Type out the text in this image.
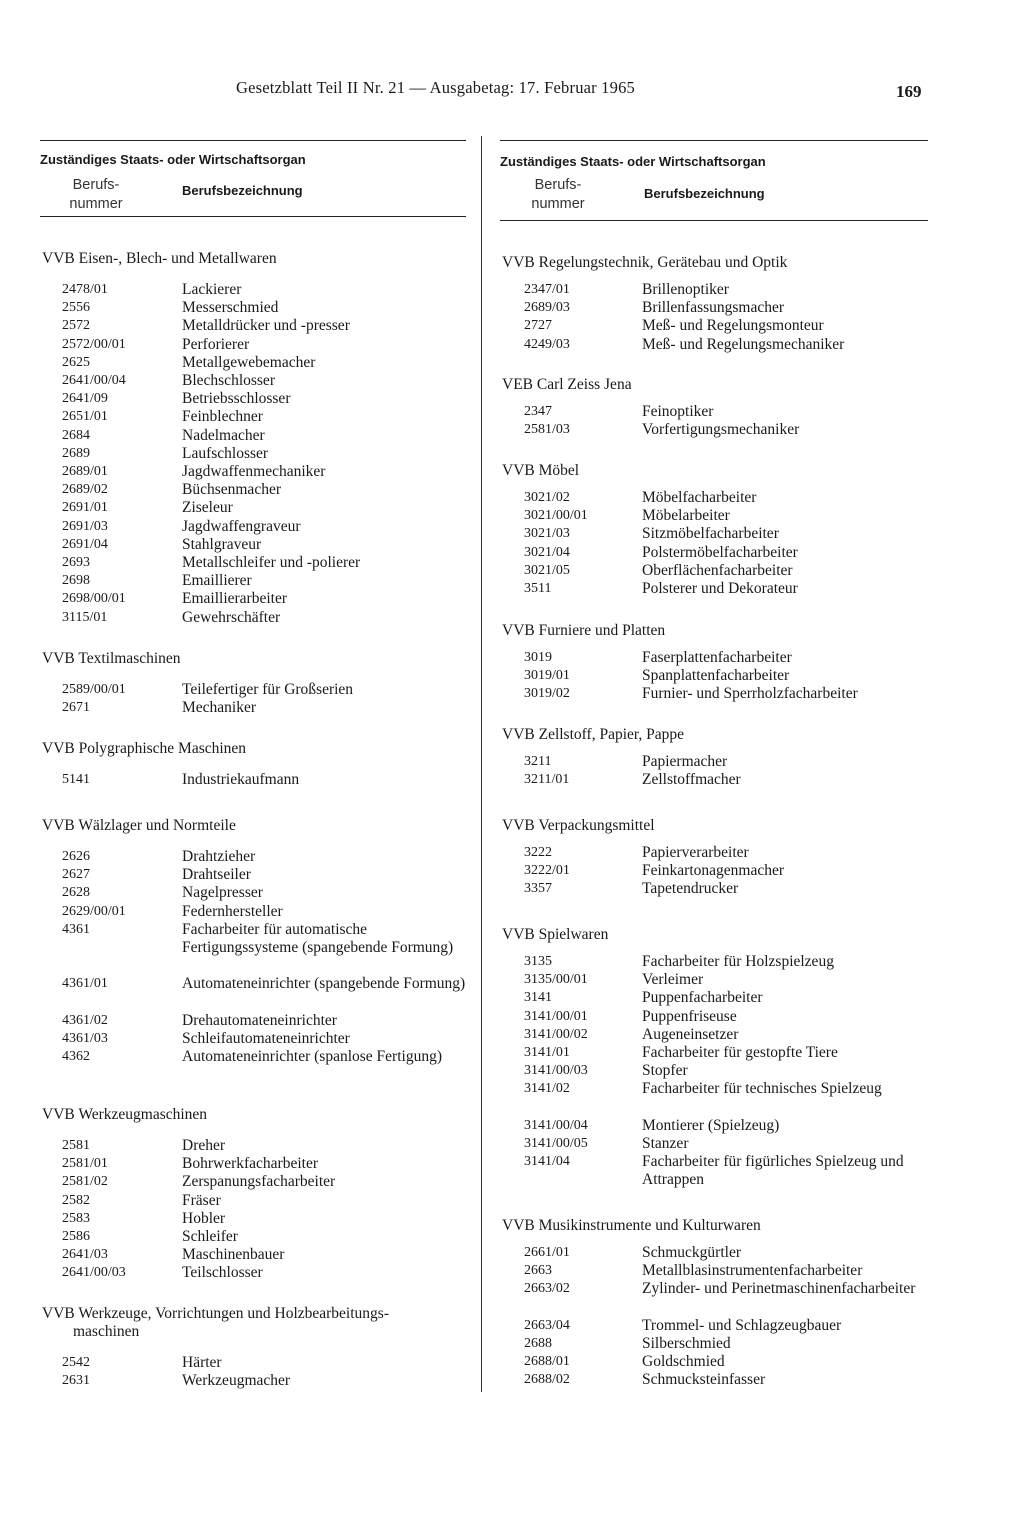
Gesetzblatt Teil II Nr. 21 — Ausgabetag: 17. Februar 1965	169
Zuständiges Staats- oder Wirtschaftsorgan
Berufs-
nummer
Berufsbezeichnung
VVB Eisen-, Blech- und Metallwaren
2478/01	Lackierer
2556	Messerschmied
2572	Metalldrücker und -presser
2572/00/01	Perforierer
2625	Metallgewebemacher
2641/00/04	Blechschlosser
2641/09	Betriebsschlosser
2651/01	Feinblechner
2684	Nadelmacher
2689	Laufschlosser
2689/01	Jagdwaffenmechaniker
2689/02	Büchsenmacher
2691/01	Ziseleur
2691/03	Jagdwaffengraveur
2691/04	Stahlgraveur
2693	Metallschleifer und -polierer
2698	Emaillierer
2698/00/01	Emaillierarbeiter
3115/01	Gewehrschäfter
VVB Textilmaschinen
2589/00/01	Teilefertiger für Großserien
2671	Mechaniker
VVB Polygraphische Maschinen
5141	Industriekaufmann
VVB Wälzlager und Normteile
2626	Drahtzieher
2627	Drahtseiler
2628	Nagelpresser
2629/00/01	Federnhersteller
4361	Facharbeiter für automatische Fertigungssysteme (spangebende Formung)
4361/01	Automateneinrichter (spangebende Formung)
4361/02	Drehautomateneinrichter
4361/03	Schleifautomateneinrichter
4362	Automateneinrichter (spanlose Fertigung)
VVB Werkzeugmaschinen
2581	Dreher
2581/01	Bohrwerkfacharbeiter
2581/02	Zerspanungsfacharbeiter
2582	Fräser
2583	Hobler
2586	Schleifer
2641/03	Maschinenbauer
2641/00/03	Teilschlosser
VVB Werkzeuge, Vorrichtungen und Holzbearbeitungs-        maschinen
2542	Härter
2631	Werkzeugmacher
Zuständiges Staats- oder Wirtschaftsorgan
Berufs-
nummer
Berufsbezeichnung
VVB Regelungstechnik, Gerätebau und Optik
2347/01	Brillenoptiker
2689/03	Brillenfassungsmacher
2727	Meß- und Regelungsmonteur
4249/03	Meß- und Regelungsmechaniker
VEB Carl Zeiss Jena
2347	Feinoptiker
2581/03	Vorfertigungsmechaniker
VVB Möbel
3021/02	Möbelfacharbeiter
3021/00/01	Möbelarbeiter
3021/03	Sitzmöbelfacharbeiter
3021/04	Polstermöbelfacharbeiter
3021/05	Oberflächenfacharbeiter
3511	Polsterer und Dekorateur
VVB Furniere und Platten
3019	Faserplattenfacharbeiter
3019/01	Spanplattenfacharbeiter
3019/02	Furnier- und Sperrholzfacharbeiter
VVB Zellstoff, Papier, Pappe
3211	Papiermacher
3211/01	Zellstoffmacher
VVB Verpackungsmittel
3222	Papierverarbeiter
3222/01	Feinkartonagenmacher
3357	Tapetendrucker
VVB Spielwaren
3135	Facharbeiter für Holzspielzeug
3135/00/01	Verleimer
3141	Puppenfacharbeiter
3141/00/01	Puppenfriseuse
3141/00/02	Augeneinsetzer
3141/01	Facharbeiter für gestopfte Tiere
3141/00/03	Stopfer
3141/02	Facharbeiter für technisches Spielzeug
3141/00/04	Montierer (Spielzeug)
3141/00/05	Stanzer
3141/04	Facharbeiter für figürliches Spielzeug und Attrappen
VVB Musikinstrumente und Kulturwaren
2661/01	Schmuckgürtler
2663	Metallblasinstrumentenfacharbeiter
2663/02	Zylinder- und Perinetmaschinenfacharbeiter
2663/04	Trommel- und Schlagzeugbauer
2688	Silberschmied
2688/01	Goldschmied
2688/02	Schmucksteinfasser
